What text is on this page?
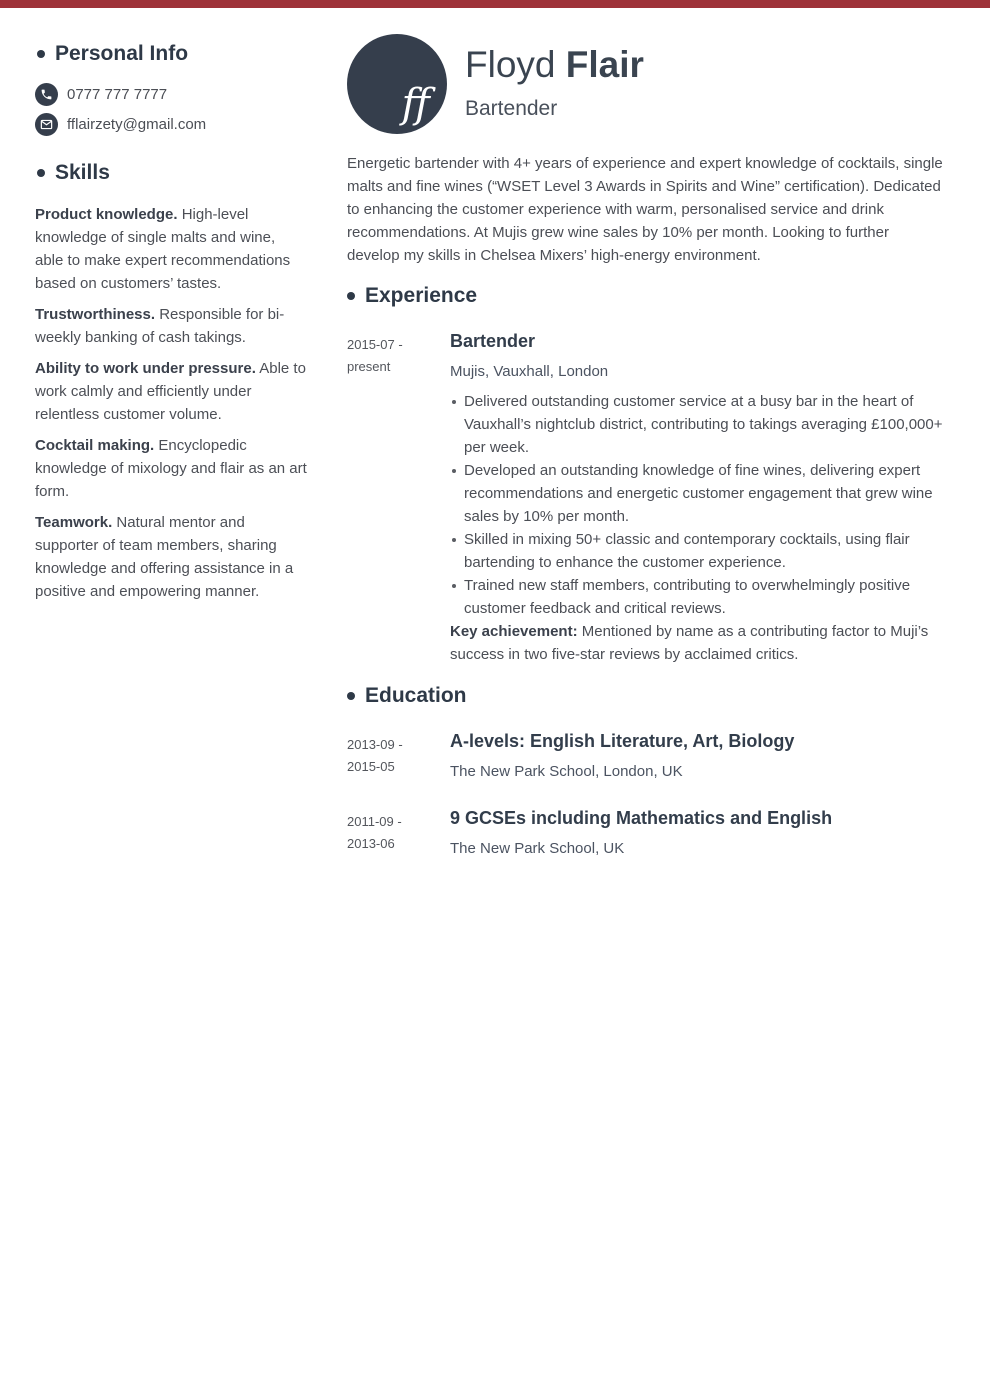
Personal Info
0777 777 7777
fflairzety@gmail.com
Skills

Product knowledge. High-level knowledge of single malts and wine, able to make expert recommendations based on customers’ tastes.

Trustworthiness. Responsible for bi-weekly banking of cash takings.

Ability to work under pressure. Able to work calmly and efficiently under relentless customer volume.

Cocktail making. Encyclopedic knowledge of mixology and flair as an art form.

Teamwork. Natural mentor and supporter of team members, sharing knowledge and offering assistance in a positive and empowering manner.

ff
Floyd Flair
Bartender

Energetic bartender with 4+ years of experience and expert knowledge of cocktails, single malts and fine wines (“WSET Level 3 Awards in Spirits and Wine” certification). Dedicated to enhancing the customer experience with warm, personalised service and drink recommendations. At Mujis grew wine sales by 10% per month. Looking to further develop my skills in Chelsea Mixers’ high-energy environment.

Experience
2015-07 -
present
Bartender
Mujis, Vauxhall, London
Delivered outstanding customer service at a busy bar in the heart of Vauxhall’s nightclub district, contributing to takings averaging £100,000+ per week.
Developed an outstanding knowledge of fine wines, delivering expert recommendations and energetic customer engagement that grew wine sales by 10% per month.
Skilled in mixing 50+ classic and contemporary cocktails, using flair bartending to enhance the customer experience.
Trained new staff members, contributing to overwhelmingly positive customer feedback and critical reviews.

Key achievement: Mentioned by name as a contributing factor to Muji’s success in two five-star reviews by acclaimed critics.

Education
2013-09 -
2015-05
A-levels: English Literature, Art, Biology
The New Park School, London, UK
2011-09 -
2013-06
9 GCSEs including Mathematics and English
The New Park School, UK
